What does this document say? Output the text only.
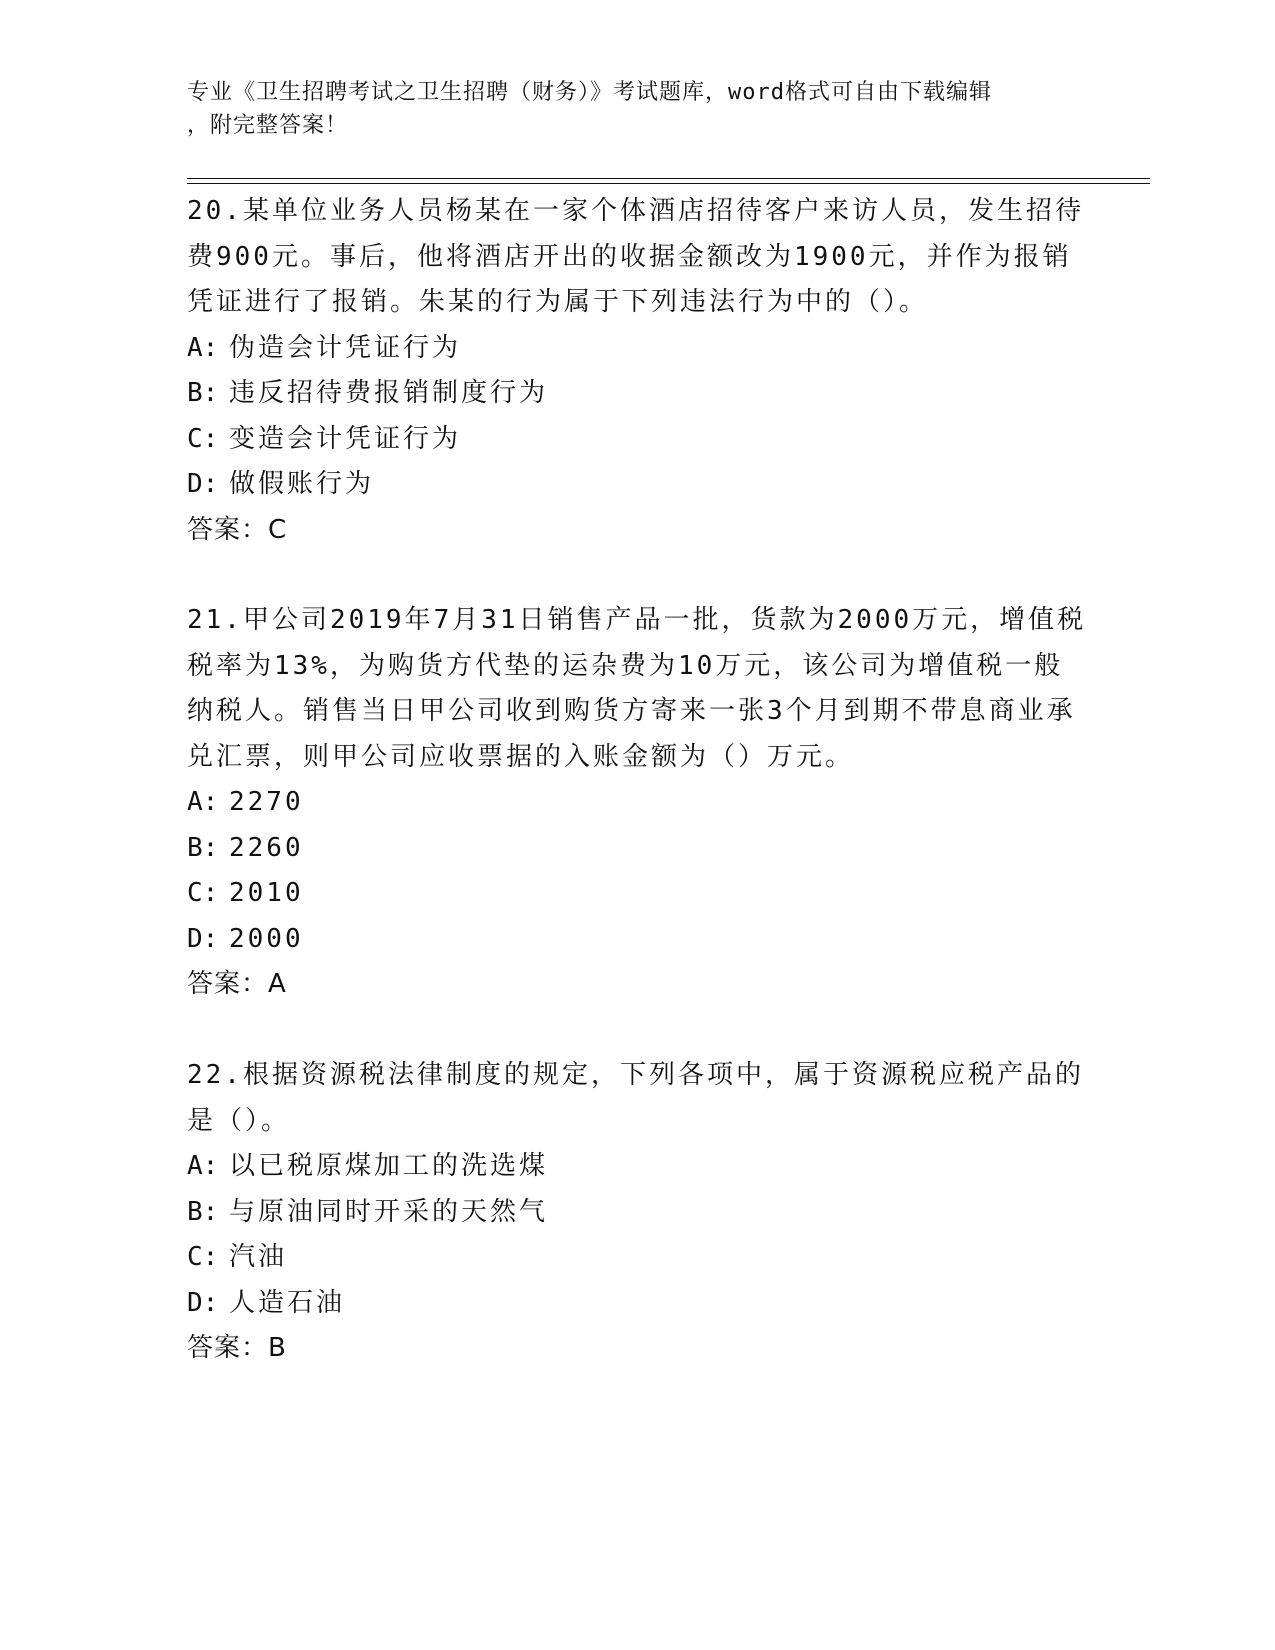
专业《卫生招聘考试之卫生招聘（财务）》考试题库，word格式可自由下载编辑
，附完整答案！

20.某单位业务人员杨某在一家个体酒店招待客户来访人员，发生招待费900元。事后，他将酒店开出的收据金额改为1900元，并作为报销凭证进行了报销。朱某的行为属于下列违法行为中的（）。

A: 伪造会计凭证行为

B: 违反招待费报销制度行为

C: 变造会计凭证行为

D: 做假账行为

答案：C

21.甲公司2019年7月31日销售产品一批，货款为2000万元，增值税税率为13%，为购货方代垫的运杂费为10万元，该公司为增值税一般纳税人。销售当日甲公司收到购货方寄来一张3个月到期不带息商业承兑汇票，则甲公司应收票据的入账金额为（）万元。

A: 2270

B: 2260

C: 2010

D: 2000

答案：A

22.根据资源税法律制度的规定，下列各项中，属于资源税应税产品的是（）。

A: 以已税原煤加工的洗选煤

B: 与原油同时开采的天然气

C: 汽油

D: 人造石油

答案：B
